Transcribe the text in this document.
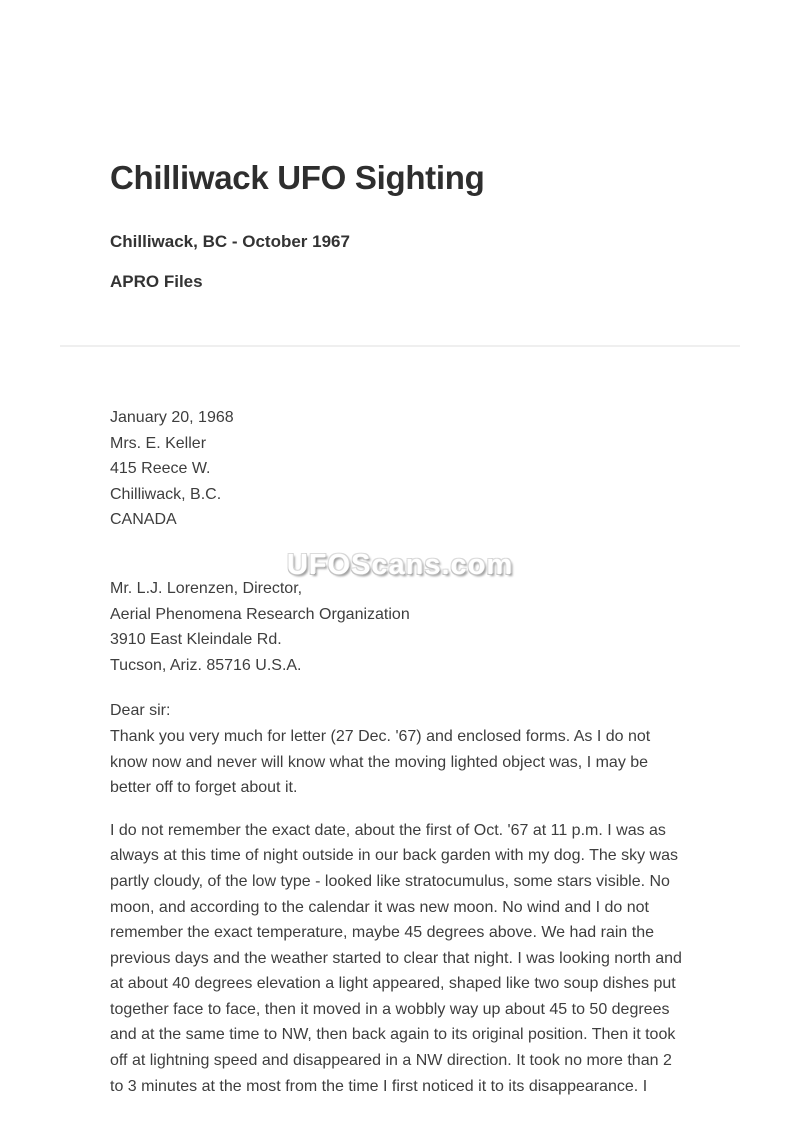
Chilliwack UFO Sighting
Chilliwack, BC - October 1967
APRO Files
UFOScans.com

January 20, 1968
Mrs. E. Keller
415 Reece W.
Chilliwack, B.C.
CANADA

Mr. L.J. Lorenzen, Director,
Aerial Phenomena Research Organization
3910 East Kleindale Rd.
Tucson, Ariz. 85716 U.S.A.

Dear sir:
Thank you very much for letter (27 Dec. '67) and enclosed forms. As I do not
know now and never will know what the moving lighted object was, I may be
better off to forget about it.

I do not remember the exact date, about the first of Oct. '67 at 11 p.m. I was as
always at this time of night outside in our back garden with my dog. The sky was
partly cloudy, of the low type - looked like stratocumulus, some stars visible. No
moon, and according to the calendar it was new moon. No wind and I do not
remember the exact temperature, maybe 45 degrees above. We had rain the
previous days and the weather started to clear that night. I was looking north and
at about 40 degrees elevation a light appeared, shaped like two soup dishes put
together face to face, then it moved in a wobbly way up about 45 to 50 degrees
and at the same time to NW, then back again to its original position. Then it took
off at lightning speed and disappeared in a NW direction. It took no more than 2
to 3 minutes at the most from the time I first noticed it to its disappearance. I
